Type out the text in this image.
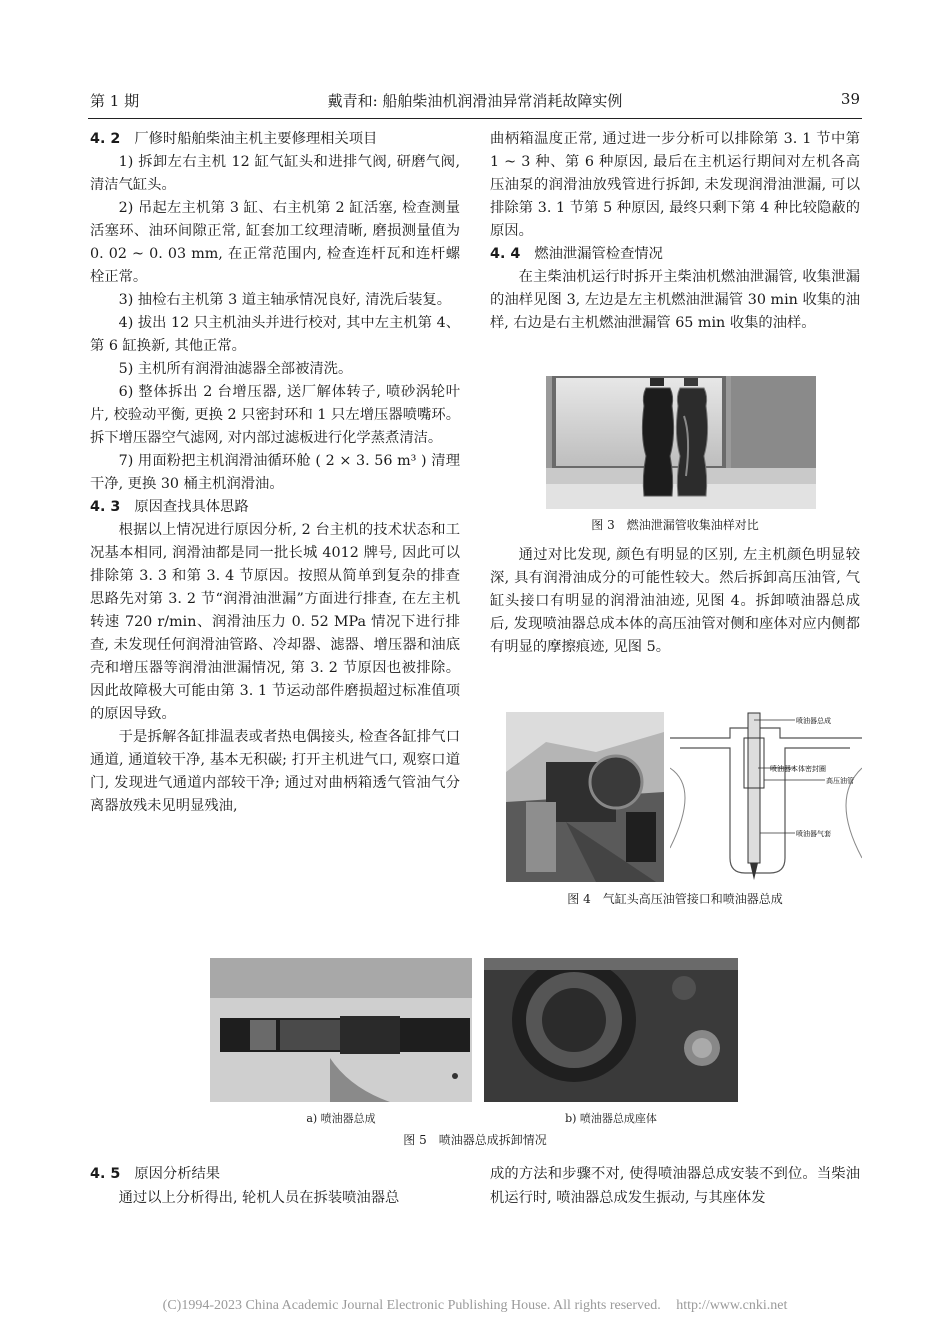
第 1 期	戴青和: 船舶柴油机润滑油异常消耗故障实例	39
4. 2 厂修时船舶柴油主机主要修理相关项目

1) 拆卸左右主机 12 缸气缸头和进排气阀, 研磨气阀, 清洁气缸头。

2) 吊起左主机第 3 缸、右主机第 2 缸活塞, 检查测量活塞环、油环间隙正常, 缸套加工纹理清晰, 磨损测量值为 0. 02 ~ 0. 03 mm, 在正常范围内, 检查连杆瓦和连杆螺栓正常。

3) 抽检右主机第 3 道主轴承情况良好, 清洗后装复。

4) 拔出 12 只主机油头并进行校对, 其中左主机第 4、第 6 缸换新, 其他正常。

5) 主机所有润滑油滤器全部被清洗。

6) 整体拆出 2 台增压器, 送厂解体转子, 喷砂涡轮叶片, 校验动平衡, 更换 2 只密封环和 1 只左增压器喷嘴环。拆下增压器空气滤网, 对内部过滤板进行化学蒸煮清洁。

7) 用面粉把主机润滑油循环舱 ( 2 × 3. 56 m³ ) 清理干净, 更换 30 桶主机润滑油。

4. 3 原因查找具体思路

根据以上情况进行原因分析, 2 台主机的技术状态和工况基本相同, 润滑油都是同一批长城 4012 牌号, 因此可以排除第 3. 3 和第 3. 4 节原因。按照从简单到复杂的排查思路先对第 3. 2 节“润滑油泄漏”方面进行排查, 在左主机转速 720 r/min、润滑油压力 0. 52 MPa 情况下进行排查, 未发现任何润滑油管路、冷却器、滤器、增压器和油底壳和增压器等润滑油泄漏情况, 第 3. 2 节原因也被排除。因此故障极大可能由第 3. 1 节运动部件磨损超过标准值项的原因导致。

于是拆解各缸排温表或者热电偶接头, 检查各缸排气口通道, 通道较干净, 基本无积碳; 打开主机进气口, 观察口道门, 发现进气通道内部较干净; 通过对曲柄箱透气管油气分离器放残未见明显残油,

曲柄箱温度正常, 通过进一步分析可以排除第 3. 1 节中第 1 ~ 3 种、第 6 种原因, 最后在主机运行期间对左机各高压油泵的润滑油放残管进行拆卸, 未发现润滑油泄漏, 可以排除第 3. 1 节第 5 种原因, 最终只剩下第 4 种比较隐蔽的原因。

4. 4 燃油泄漏管检查情况

在主柴油机运行时拆开主柴油机燃油泄漏管, 收集泄漏的油样见图 3, 左边是左主机燃油泄漏管 30 min 收集的油样, 右边是右主机燃油泄漏管 65 min 收集的油样。

图 3　燃油泄漏管收集油样对比

通过对比发现, 颜色有明显的区别, 左主机颜色明显较深, 具有润滑油成分的可能性较大。然后拆卸高压油管, 气缸头接口有明显的润滑油油迹, 见图 4。拆卸喷油器总成后, 发现喷油器总成本体的高压油管对侧和座体对应内侧都有明显的摩擦痕迹, 见图 5。

喷油器总成
喷油器本体密封圈
高压油管
喷油器气套
图 4　气缸头高压油管接口和喷油器总成
a) 喷油器总成	b) 喷油器总成座体
图 5　喷油器总成拆卸情况
4. 5 原因分析结果

通过以上分析得出, 轮机人员在拆装喷油器总

成的方法和步骤不对, 使得喷油器总成安装不到位。当柴油机运行时, 喷油器总成发生振动, 与其座体发

(C)1994-2023 China Academic Journal Electronic Publishing House. All rights reserved. http://www.cnki.net
